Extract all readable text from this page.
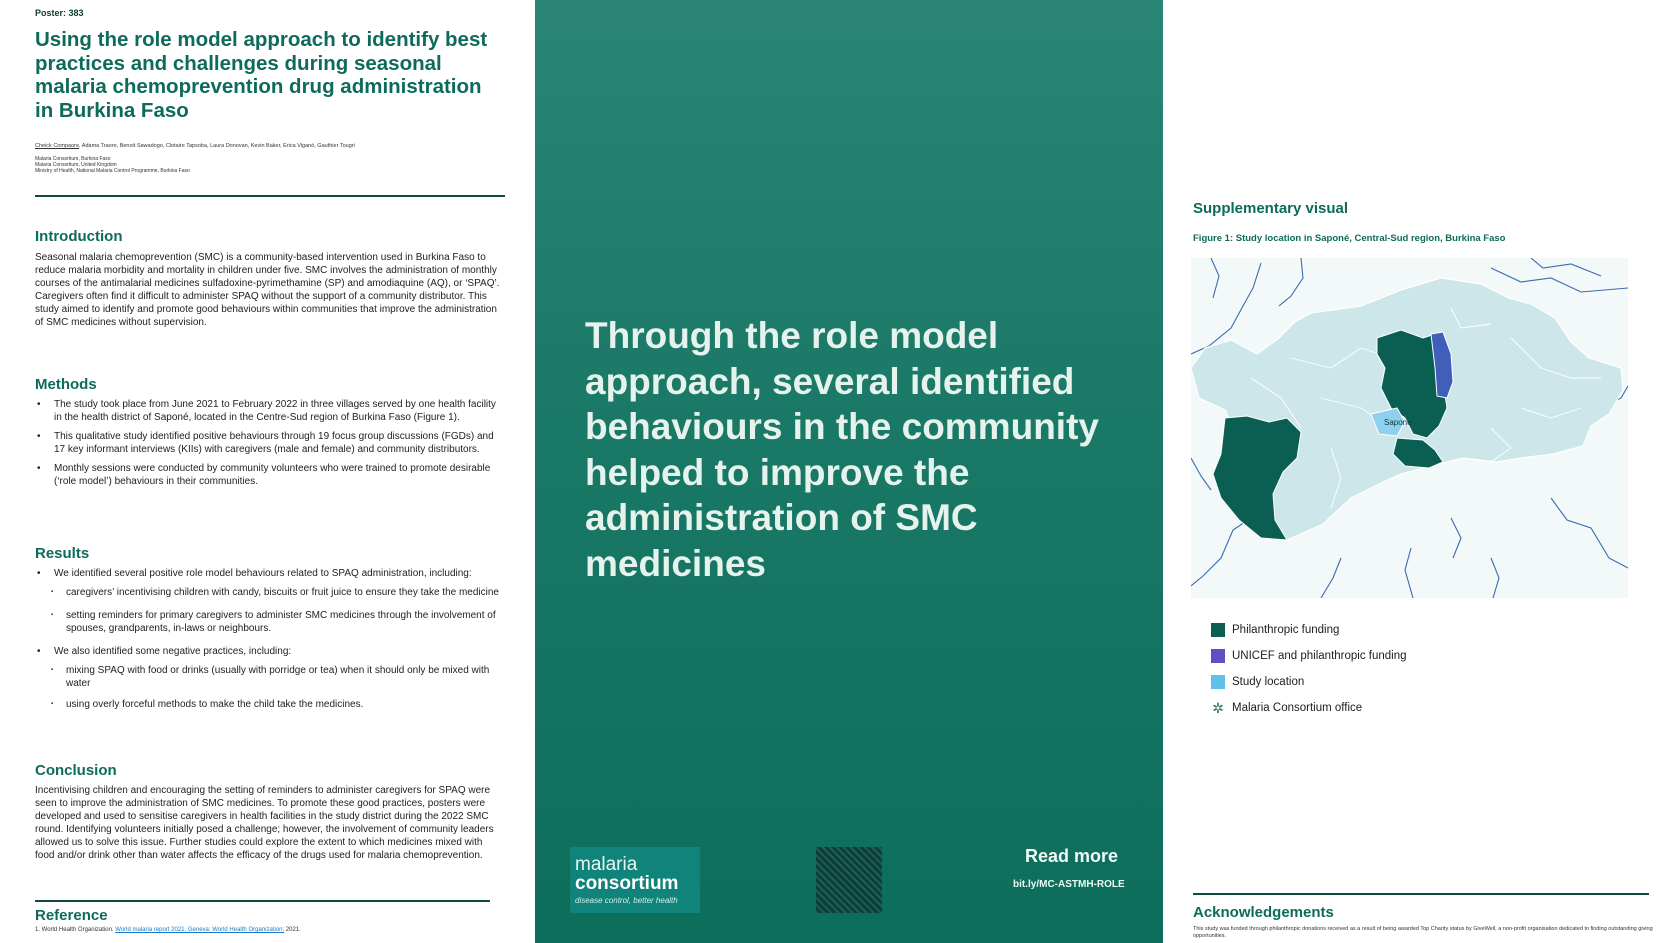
Poster: 383
Using the role model approach to identify best practices and challenges during seasonal malaria chemoprevention drug administration in Burkina Faso
Cheick Compaore, Adama Traore, Benoit Sawadogo, Clotaire Tapsoba, Laura Donovan, Kevin Baker, Erica Viganò, Gauthier Tougri
Malaria Consortium, Burkina Faso
Malaria Consortium, United Kingdom
Ministry of Health, National Malaria Control Programme, Burkina Faso
Introduction
Seasonal malaria chemoprevention (SMC) is a community-based intervention used in Burkina Faso to reduce malaria morbidity and mortality in children under five. SMC involves the administration of monthly courses of the antimalarial medicines sulfadoxine-pyrimethamine (SP) and amodiaquine (AQ), or ‘SPAQ’. Caregivers often find it difficult to administer SPAQ without the support of a community distributor. This study aimed to identify and promote good behaviours within communities that improve the administration of SMC medicines without supervision.
Methods
• The study took place from June 2021 to February 2022 in three villages served by one health facility in the health district of Saponé, located in the Centre-Sud region of Burkina Faso (Figure 1).
• This qualitative study identified positive behaviours through 19 focus group discussions (FGDs) and 17 key informant interviews (KIIs) with caregivers (male and female) and community distributors.
• Monthly sessions were conducted by community volunteers who were trained to promote desirable (‘role model’) behaviours in their communities.
Results
• We identified several positive role model behaviours related to SPAQ administration, including:
▪ caregivers’ incentivising children with candy, biscuits or fruit juice to ensure they take the medicine
▪ setting reminders for primary caregivers to administer SMC medicines through the involvement of spouses, grandparents, in-laws or neighbours.
• We also identified some negative practices, including:
▪ mixing SPAQ with food or drinks (usually with porridge or tea) when it should only be mixed with water
▪ using overly forceful methods to make the child take the medicines.
Conclusion
Incentivising children and encouraging the setting of reminders to administer caregivers for SPAQ were seen to improve the administration of SMC medicines. To promote these good practices, posters were developed and used to sensitise caregivers in health facilities in the study district during the 2022 SMC round. Identifying volunteers initially posed a challenge; however, the involvement of community leaders allowed us to solve this issue. Further studies could explore the extent to which medicines mixed with food and/or drink other than water affects the efficacy of the drugs used for malaria chemoprevention.
Reference
1. World Health Organization. World malaria report 2021. Geneva: World Health Organization; 2021.
Through the role model approach, several identified behaviours in the community helped to improve the administration of SMC medicines
malaria
consortium
disease control, better health
Read more
bit.ly/MC-ASTMH-ROLE
Supplementary visual
Figure 1: Study location in Saponé, Central-Sud region, Burkina Faso
Sapone
Philanthropic funding
UNICEF and philanthropic funding
Study location
✲ Malaria Consortium office
Acknowledgements
This study was funded through philanthropic donations received as a result of being awarded Top Charity status by GiveWell, a non-profit organisation dedicated to finding outstanding giving opportunities.
